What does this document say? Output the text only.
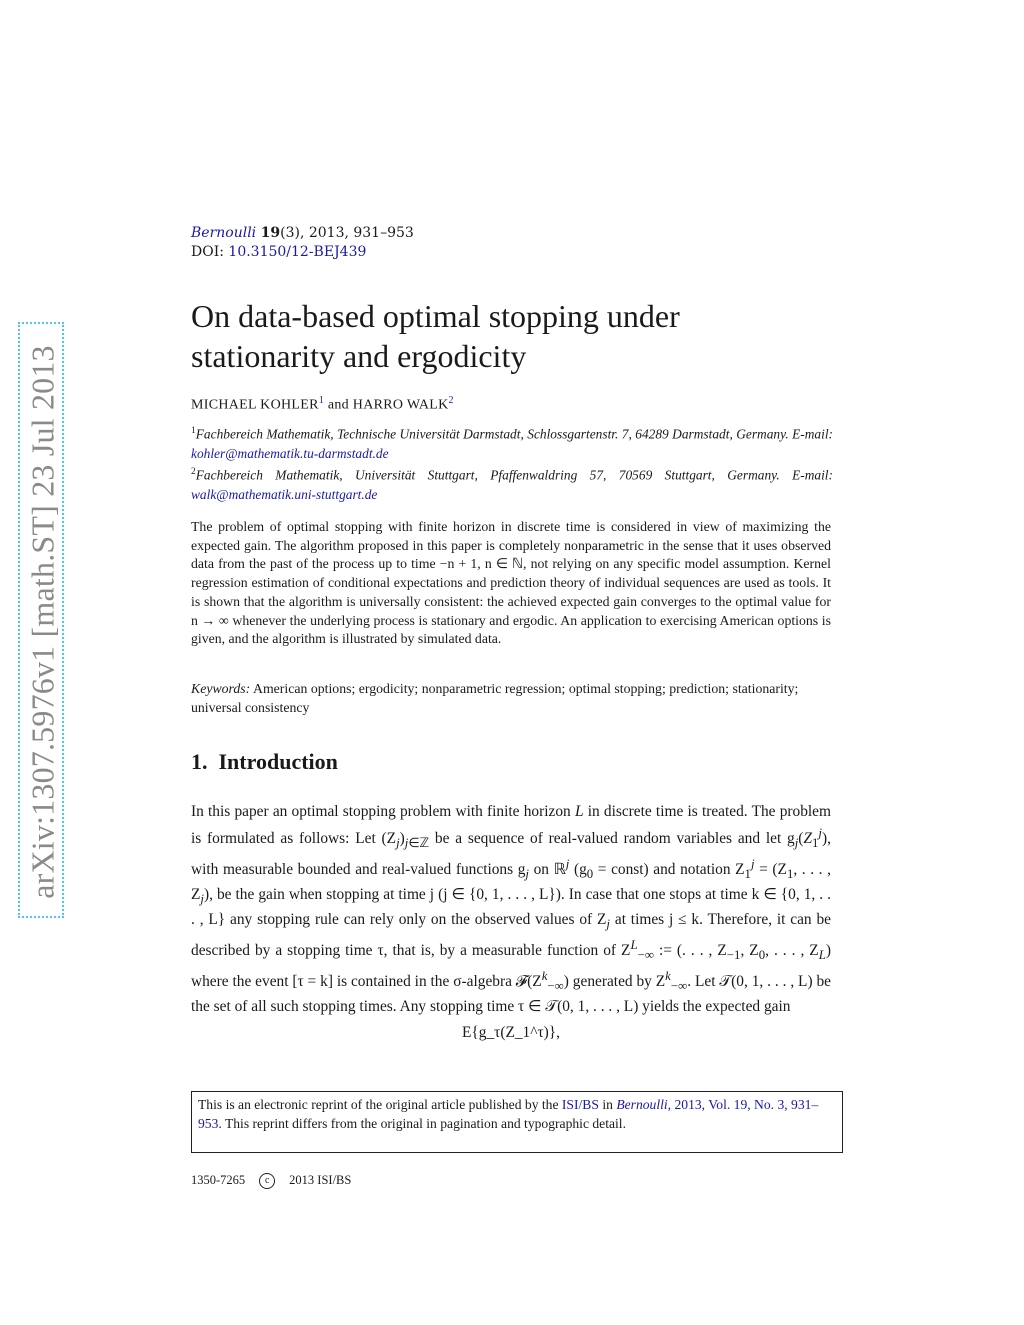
arXiv:1307.5976v1 [math.ST] 23 Jul 2013
Bernoulli 19(3), 2013, 931–953
DOI: 10.3150/12-BEJ439
On data-based optimal stopping under stationarity and ergodicity
MICHAEL KOHLER$^1$ and HARRO WALK$^2$
$^1$Fachbereich Mathematik, Technische Universität Darmstadt, Schlossgartenstr. 7, 64289 Darmstadt, Germany. E-mail: kohler@mathematik.tu-darmstadt.de
$^2$Fachbereich Mathematik, Universität Stuttgart, Pfaffenwaldring 57, 70569 Stuttgart, Germany. E-mail: walk@mathematik.uni-stuttgart.de
The problem of optimal stopping with finite horizon in discrete time is considered in view of maximizing the expected gain. The algorithm proposed in this paper is completely nonparametric in the sense that it uses observed data from the past of the process up to time −n + 1, n ∈ ℕ, not relying on any specific model assumption. Kernel regression estimation of conditional expectations and prediction theory of individual sequences are used as tools. It is shown that the algorithm is universally consistent: the achieved expected gain converges to the optimal value for n → ∞ whenever the underlying process is stationary and ergodic. An application to exercising American options is given, and the algorithm is illustrated by simulated data.
Keywords: American options; ergodicity; nonparametric regression; optimal stopping; prediction; stationarity; universal consistency
1. Introduction
In this paper an optimal stopping problem with finite horizon L in discrete time is treated. The problem is formulated as follows: Let $(Z_j)_{j\in ℤ}$ be a sequence of real-valued random variables and let $g_j(Z_1^j)$, with measurable bounded and real-valued functions $g_j$ on ℝ$^j$ ($g_0$ = const) and notation $Z_1^j = (Z_1$, . . . , $Z_j$), be the gain when stopping at time j (j ∈ {0, 1, . . . , L}). In case that one stops at time k ∈ {0, 1, . . . , L} any stopping rule can rely only on the observed values of $Z_j$ at times j ≤ k. Therefore, it can be described by a stopping time τ, that is, by a measurable function of $Z^L_{-\infty}$ := (. . . , $Z_{-1}$, $Z_0$, . . . , $Z_L$) where the event [τ = k] is contained in the σ-algebra $𝓕(Z^k_{-\infty})$ generated by $Z^k_{-\infty}$. Let 𝒯(0, 1, . . . , L) be the set of all such stopping times. Any stopping time τ ∈ 𝒯(0, 1, . . . , L) yields the expected gain
E{g_τ(Z_1^τ)},
This is an electronic reprint of the original article published by the ISI/BS in Bernoulli, 2013, Vol. 19, No. 3, 931–953. This reprint differs from the original in pagination and typographic detail.
1350-7265 c 2013 ISI/BS
